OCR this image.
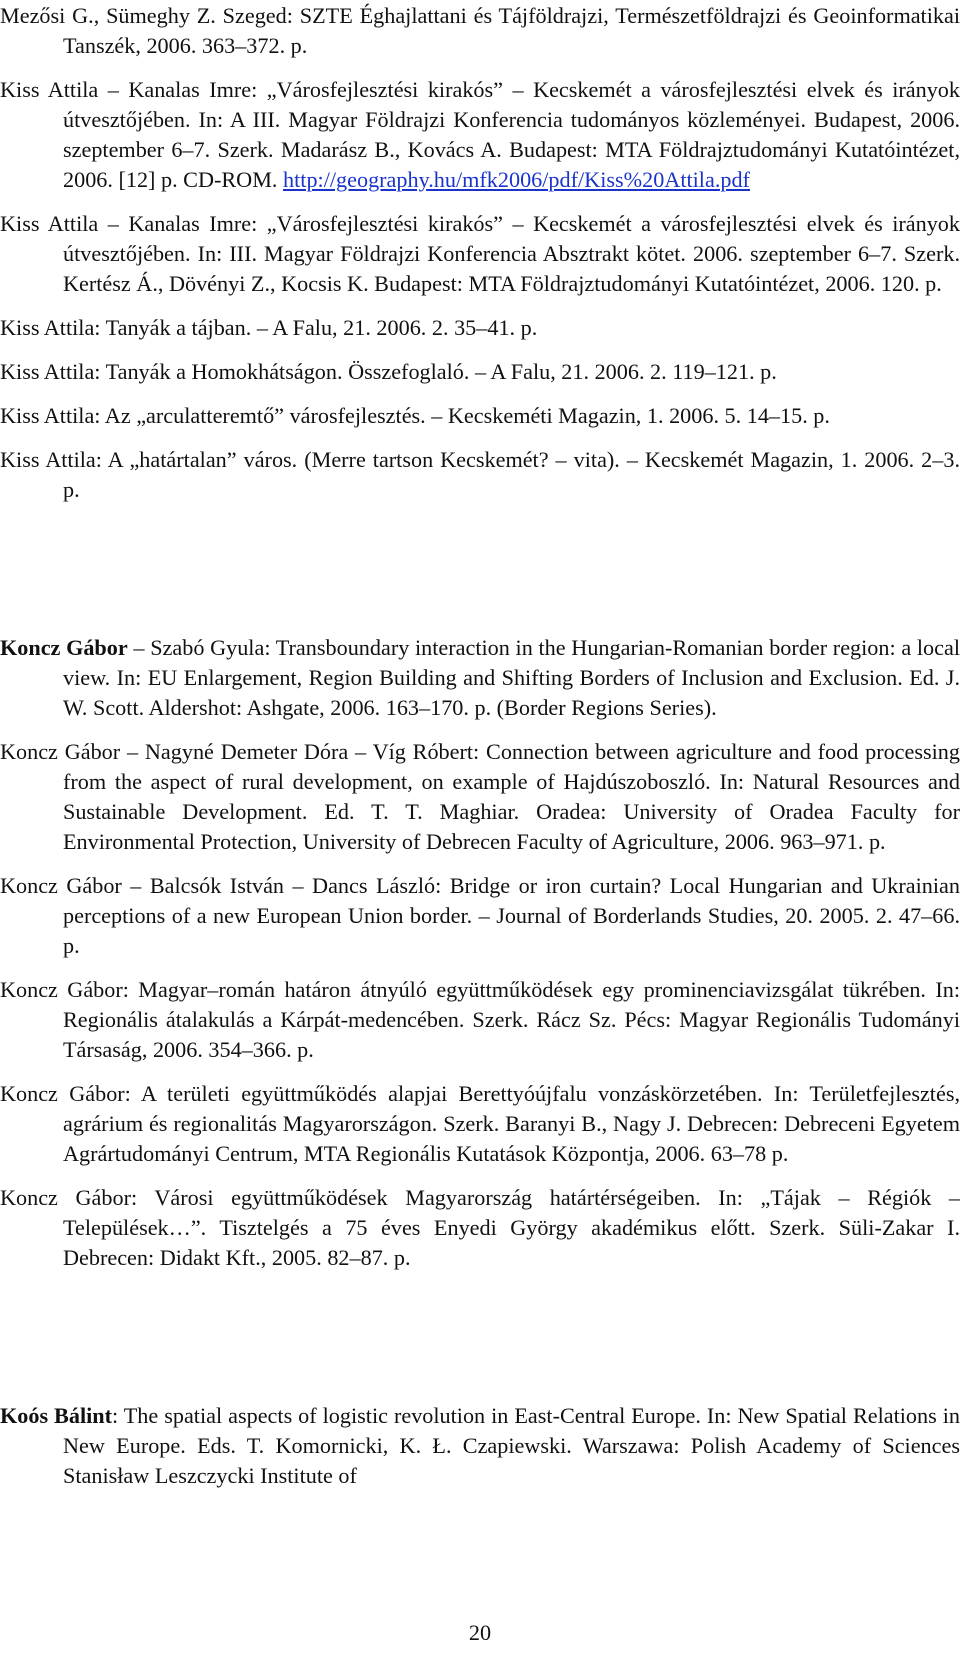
Mezősi G., Sümeghy Z. Szeged: SZTE Éghajlattani és Tájföldrajzi, Természetföldrajzi és Geoinformatikai Tanszék, 2006. 363–372. p.

Kiss Attila – Kanalas Imre: „Városfejlesztési kirakós” – Kecskemét a városfejlesztési elvek és irányok útvesztőjében. In: A III. Magyar Földrajzi Konferencia tudományos közleményei. Budapest, 2006. szeptember 6–7. Szerk. Madarász B., Kovács A. Budapest: MTA Földrajztudományi Kutatóintézet, 2006. [12] p. CD-ROM. http://geography.hu/mfk2006/pdf/Kiss%20Attila.pdf

Kiss Attila – Kanalas Imre: „Városfejlesztési kirakós” – Kecskemét a városfejlesztési elvek és irányok útvesztőjében. In: III. Magyar Földrajzi Konferencia Absztrakt kötet. 2006. szeptember 6–7. Szerk. Kertész Á., Dövényi Z., Kocsis K. Budapest: MTA Földrajztudományi Kutatóintézet, 2006. 120. p.

Kiss Attila: Tanyák a tájban. – A Falu, 21. 2006. 2. 35–41. p.

Kiss Attila: Tanyák a Homokhátságon. Összefoglaló. – A Falu, 21. 2006. 2. 119–121. p.

Kiss Attila: Az „arculatteremtő” városfejlesztés. – Kecskeméti Magazin, 1. 2006. 5. 14–15. p.

Kiss Attila: A „határtalan” város. (Merre tartson Kecskemét? – vita). – Kecskemét Magazin, 1. 2006. 2–3. p.

Koncz Gábor – Szabó Gyula: Transboundary interaction in the Hungarian-Romanian border region: a local view. In: EU Enlargement, Region Building and Shifting Borders of Inclusion and Exclusion. Ed. J. W. Scott. Aldershot: Ashgate, 2006. 163–170. p. (Border Regions Series).

Koncz Gábor – Nagyné Demeter Dóra – Víg Róbert: Connection between agriculture and food processing from the aspect of rural development, on example of Hajdúszoboszló. In: Natural Resources and Sustainable Development. Ed. T. T. Maghiar. Oradea: University of Oradea Faculty for Environmental Protection, University of Debrecen Faculty of Agriculture, 2006. 963–971. p.

Koncz Gábor – Balcsók István – Dancs László: Bridge or iron curtain? Local Hungarian and Ukrainian perceptions of a new European Union border. – Journal of Borderlands Studies, 20. 2005. 2. 47–66. p.

Koncz Gábor: Magyar–román határon átnyúló együttműködések egy prominenciavizsgálat tükrében. In: Regionális átalakulás a Kárpát-medencében. Szerk. Rácz Sz. Pécs: Magyar Regionális Tudományi Társaság, 2006. 354–366. p.

Koncz Gábor: A területi együttműködés alapjai Berettyóújfalu vonzáskörzetében. In: Területfejlesztés, agrárium és regionalitás Magyarországon. Szerk. Baranyi B., Nagy J. Debrecen: Debreceni Egyetem Agrártudományi Centrum, MTA Regionális Kutatások Központja, 2006. 63–78 p.

Koncz Gábor: Városi együttműködések Magyarország határtérségeiben. In: „Tájak – Régiók – Települések…”. Tisztelgés a 75 éves Enyedi György akadémikus előtt. Szerk. Süli-Zakar I. Debrecen: Didakt Kft., 2005. 82–87. p.

Koós Bálint: The spatial aspects of logistic revolution in East-Central Europe. In: New Spatial Relations in New Europe. Eds. T. Komornicki, K. Ł. Czapiewski. Warszawa: Polish Academy of Sciences Stanisław Leszczycki Institute of

20
